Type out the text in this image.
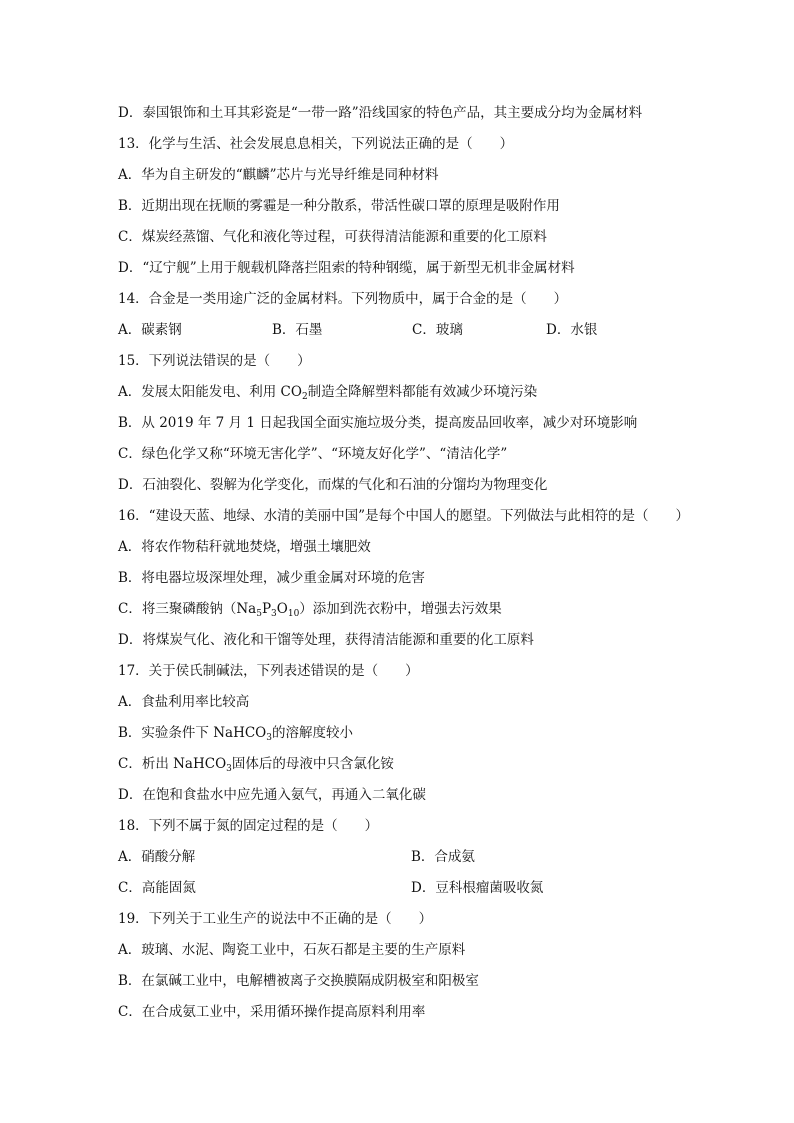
D．泰国银饰和土耳其彩瓷是“一带一路”沿线国家的特色产品，其主要成分均为金属材料
13．化学与生活、社会发展息息相关，下列说法正确的是（　　）
A．华为自主研发的“麒麟”芯片与光导纤维是同种材料
B．近期出现在抚顺的雾霾是一种分散系，带活性碳口罩的原理是吸附作用
C．煤炭经蒸馏、气化和液化等过程，可获得清洁能源和重要的化工原料
D．“辽宁舰”上用于舰载机降落拦阻索的特种钢缆，属于新型无机非金属材料
14．合金是一类用途广泛的金属材料。下列物质中，属于合金的是（　　）
A．碳素钢	B．石墨	C．玻璃	D．水银
15．下列说法错误的是（　　）
A．发展太阳能发电、利用 $CO_2$制造全降解塑料都能有效减少环境污染
B．从 2019 年 7 月 1 日起我国全面实施垃圾分类，提高废品回收率，减少对环境影响
C．绿色化学又称“环境无害化学”、“环境友好化学”、“清洁化学”
D．石油裂化、裂解为化学变化，而煤的气化和石油的分馏均为物理变化
16．“建设天蓝、地绿、水清的美丽中国”是每个中国人的愿望。下列做法与此相符的是（　　）
A．将农作物秸秆就地焚烧，增强土壤肥效
B．将电器垃圾深埋处理，减少重金属对环境的危害
C．将三聚磷酸钠$(Na_5P_3O_{10})$添加到洗衣粉中，增强去污效果
D．将煤炭气化、液化和干馏等处理，获得清洁能源和重要的化工原料
17．关于侯氏制碱法，下列表述错误的是（　　）
A．食盐利用率比较高
B．实验条件下 NaHCO$_3$的溶解度较小
C．析出 NaHCO$_3$固体后的母液中只含氯化铵
D．在饱和食盐水中应先通入氨气，再通入二氧化碳
18．下列不属于氮的固定过程的是（　　）
A．硝酸分解	B．合成氨
C．高能固氮	D．豆科根瘤菌吸收氮
19．下列关于工业生产的说法中不正确的是（　　）
A．玻璃、水泥、陶瓷工业中，石灰石都是主要的生产原料
B．在氯碱工业中，电解槽被离子交换膜隔成阴极室和阳极室
C．在合成氨工业中，采用循环操作提高原料利用率
